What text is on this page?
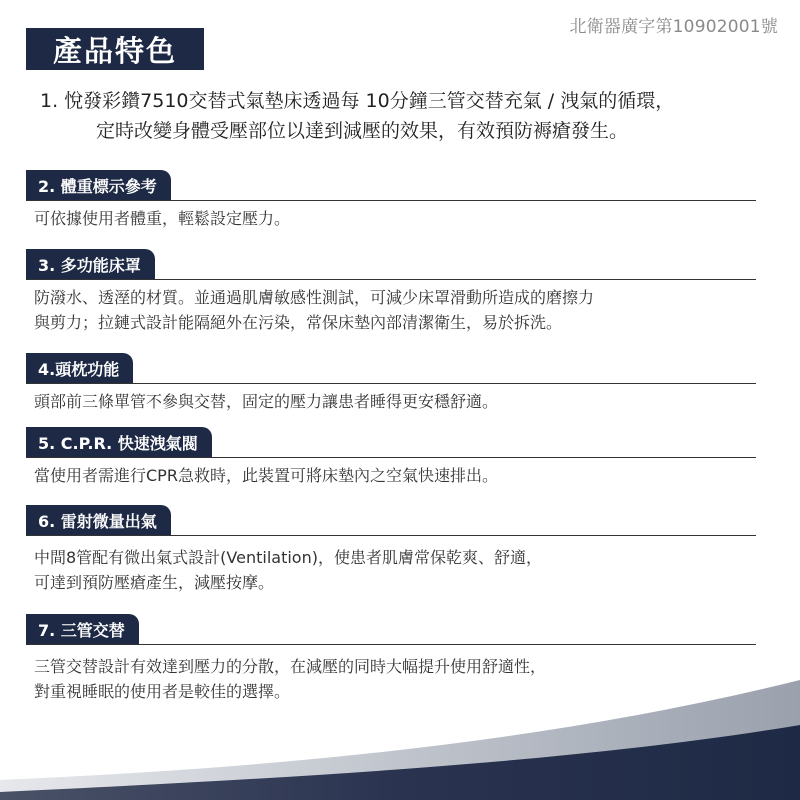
北衛器廣字第10902001號
產品特色
1. 悅發彩鑽7510交替式氣墊床透過每 10分鐘三管交替充氣 / 洩氣的循環，
定時改變身體受壓部位以達到減壓的效果，有效預防褥瘡發生。
2. 體重標示參考
可依據使用者體重，輕鬆設定壓力。
3. 多功能床罩
防潑水、透溼的材質。並通過肌膚敏感性測試，可減少床罩滑動所造成的磨擦力
與剪力；拉鏈式設計能隔絕外在污染，常保床墊內部清潔衛生，易於拆洗。
4.頭枕功能
頭部前三條單管不參與交替，固定的壓力讓患者睡得更安穩舒適。
5. C.P.R. 快速洩氣閥
當使用者需進行CPR急救時，此裝置可將床墊內之空氣快速排出。
6. 雷射微量出氣
中間8管配有微出氣式設計(Ventilation)，使患者肌膚常保乾爽、舒適，
可達到預防壓瘡產生，減壓按摩。
7. 三管交替
三管交替設計有效達到壓力的分散，在減壓的同時大幅提升使用舒適性，
對重視睡眠的使用者是較佳的選擇。
